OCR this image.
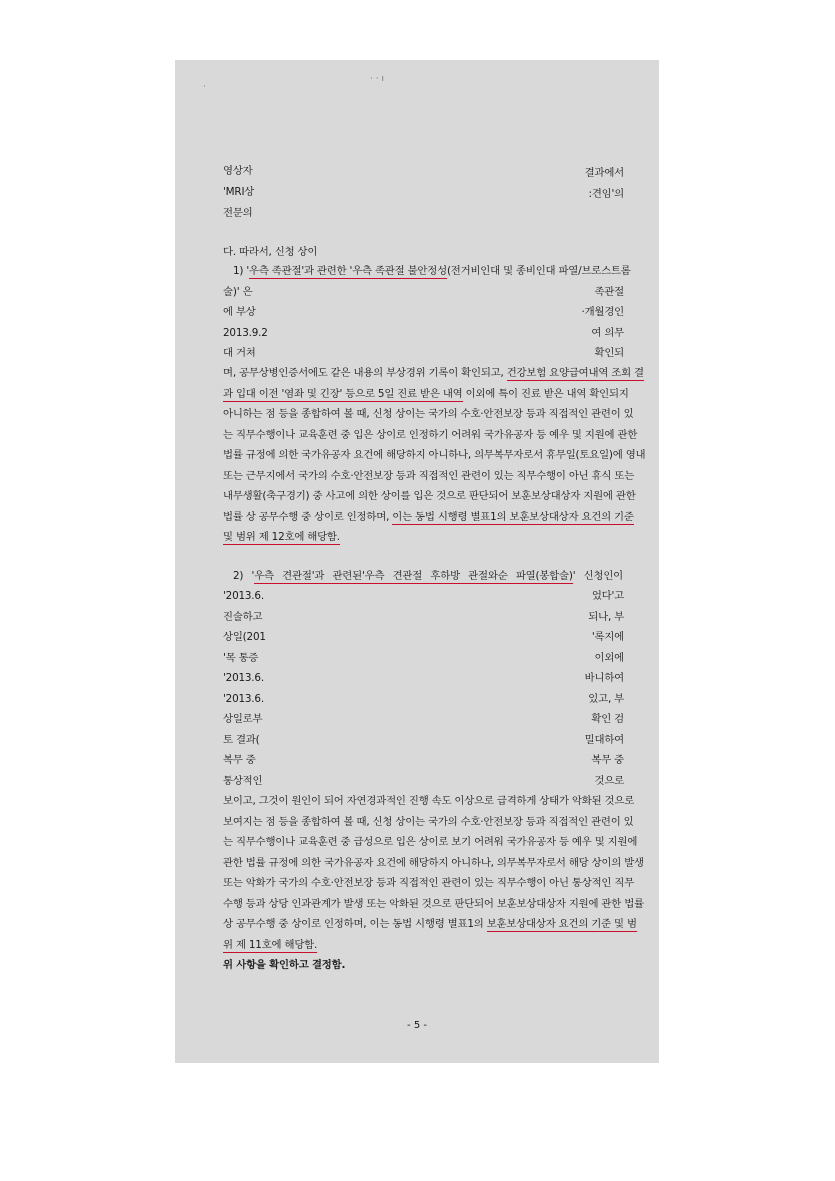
·
· · ı
영상자
'MRI상
전문의
결과에서
:견임'의
다. 따라서, 신청 상이
1) '우측 족관절'과 관련한 '우측 족관절 불안정성(전거비인대 및 종비인대 파열/브로스트롬
술)' 은	족관절
에 부상
2013.9.2
대 거쳐
·개월경인
여 의무
확인되
며, 공무상병인증서에도 같은 내용의 부상경위 기록이 확인되고, 건강보험 요양급여내역 조회 결
과 입대 이전 '염좌 및 긴장' 등으로 5일 진료 받은 내역 이외에 특이 진료 받은 내역 확인되지
아니하는 점 등을 종합하여 볼 때, 신청 상이는 국가의 수호·안전보장 등과 직접적인 관련이 있
는 직무수행이나 교육훈련 중 입은 상이로 인정하기 어려워 국가유공자 등 예우 및 지원에 관한
법률 규정에 의한 국가유공자 요건에 해당하지 아니하나, 의무복무자로서 휴무일(토요일)에 영내
또는 근무지에서 국가의 수호·안전보장 등과 직접적인 관련이 있는 직무수행이 아닌 휴식 또는
내무생활(축구경기) 중 사고에 의한 상이를 입은 것으로 판단되어 보훈보상대상자 지원에 관한
법률 상 공무수행 중 상이로 인정하며, 이는 동법 시행령 별표1의 보훈보상대상자 요건의 기준
및 범위 제 12호에 해당함.
2) '우측 견관절'과 관련된'우측 견관절 후하방 관절와순 파열(봉합술)' 신청인이
'2013.6.
진술하고
상일(201
'목 통증
'2013.6.
'2013.6.
상일로부
토 결과(
복무 중
통상적인
었다'고
되나, 부
'록지에
이외에
바니하여
있고, 부
확인 검
밀대하여
복무 중
것으로
보이고, 그것이 원인이 되어 자연경과적인 진행 속도 이상으로 급격하게 상태가 악화된 것으로
보여지는 점 등을 종합하여 볼 때, 신청 상이는 국가의 수호·안전보장 등과 직접적인 관련이 있
는 직무수행이나 교육훈련 중 급성으로 입은 상이로 보기 어려워 국가유공자 등 예우 및 지원에
관한 법률 규정에 의한 국가유공자 요건에 해당하지 아니하나, 의무복무자로서 해당 상이의 발생
또는 악화가 국가의 수호·안전보장 등과 직접적인 관련이 있는 직무수행이 아닌 통상적인 직무
수행 등과 상당 인과관계가 발생 또는 악화된 것으로 판단되어 보훈보상대상자 지원에 관한 법률
상 공무수행 중 상이로 인정하며, 이는 동법 시행령 별표1의 보훈보상대상자 요건의 기준 및 범
위 제 11호에 해당함.
위 사항을 확인하고 결정함.
- 5 -
